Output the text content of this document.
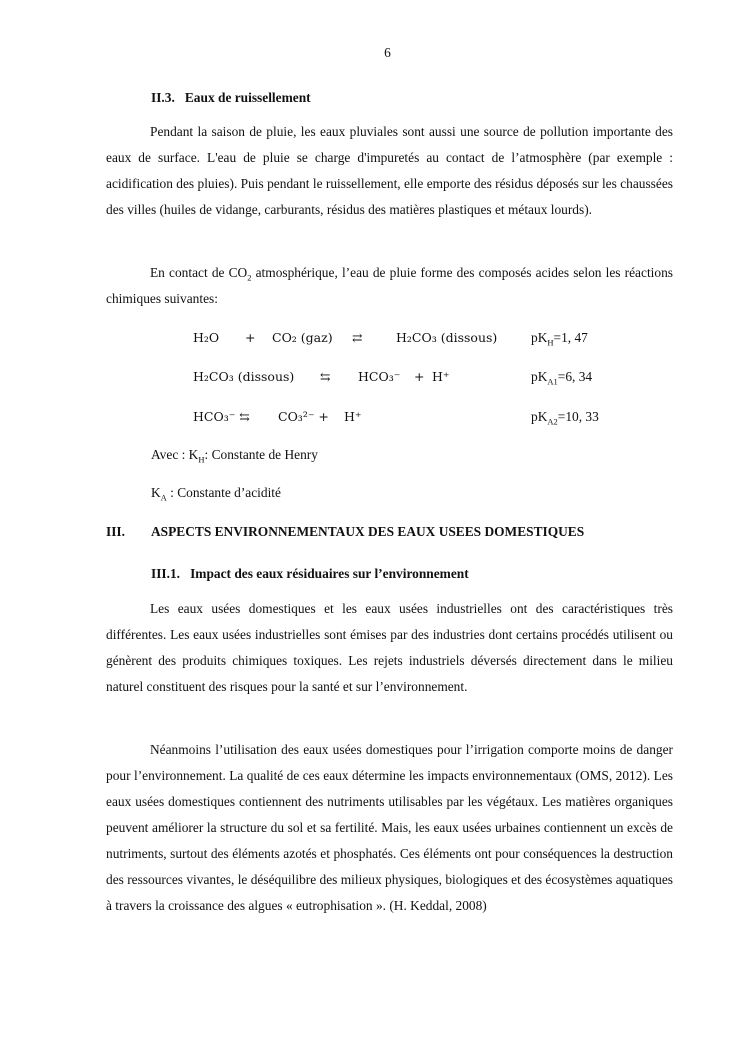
6
II.3. Eaux de ruissellement
Pendant la saison de pluie, les eaux pluviales sont aussi une source de pollution importante des eaux de surface. L'eau de pluie se charge d'impuretés au contact de l’atmosphère (par exemple : acidification des pluies). Puis pendant le ruissellement, elle emporte des résidus déposés sur les chaussées des villes (huiles de vidange, carburants, résidus des matières plastiques et métaux lourds).
En contact de $CO_2$ atmosphérique, l’eau de pluie forme des composés acides selon les réactions chimiques suivantes:
H₂O + CO₂ (gaz) ⇄	H₂CO₃ (dissous)	$pK_H=1$, 47
H₂CO₃ (dissous) ⇆ HCO₃⁻ + H⁺	$pK_{A1}=6$, 34
HCO₃⁻ ⇆ CO₃²⁻ + H⁺	$pK_{A2}=10$, 33
Avec : $K_H$: Constante de Henry
$K_A$ : Constante d’acidité
III. ASPECTS ENVIRONNEMENTAUX DES EAUX USEES DOMESTIQUES
III.1. Impact des eaux résiduaires sur l’environnement
Les eaux usées domestiques et les eaux usées industrielles ont des caractéristiques très différentes. Les eaux usées industrielles sont émises par des industries dont certains procédés utilisent ou génèrent des produits chimiques toxiques. Les rejets industriels déversés directement dans le milieu naturel constituent des risques pour la santé et sur l’environnement.
Néanmoins l’utilisation des eaux usées domestiques pour l’irrigation comporte moins de danger pour l’environnement. La qualité de ces eaux détermine les impacts environnementaux (OMS, 2012). Les eaux usées domestiques contiennent des nutriments utilisables par les végétaux. Les matières organiques peuvent améliorer la structure du sol et sa fertilité. Mais, les eaux usées urbaines contiennent un excès de nutriments, surtout des éléments azotés et phosphatés. Ces éléments ont pour conséquences la destruction des ressources vivantes, le déséquilibre des milieux physiques, biologiques et des écosystèmes aquatiques à travers la croissance des algues « eutrophisation ». (H. Keddal, 2008)
